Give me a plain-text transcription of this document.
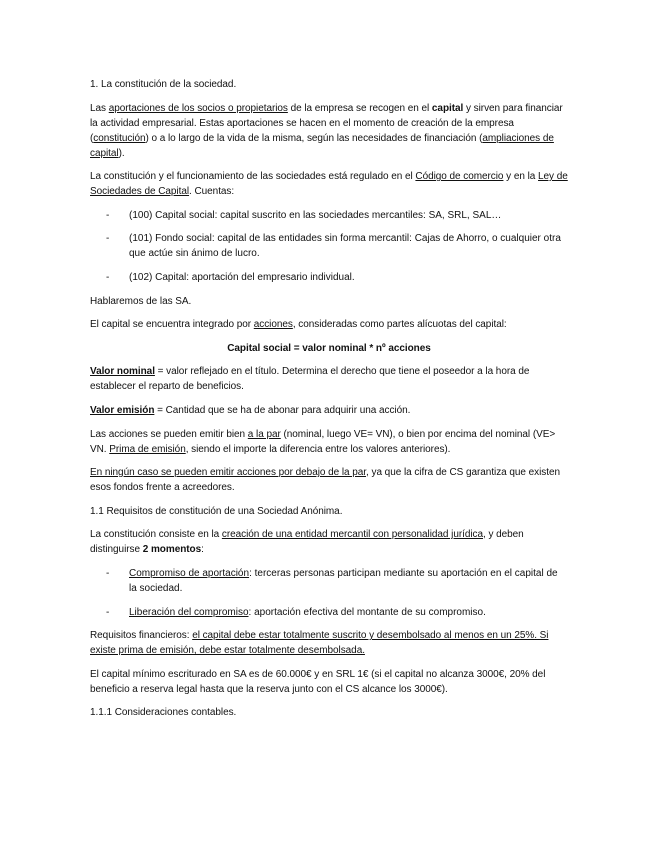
1. La constitución de la sociedad.

Las aportaciones de los socios o propietarios de la empresa se recogen en el capital y sirven para financiar la actividad empresarial. Estas aportaciones se hacen en el momento de creación de la empresa (constitución) o a lo largo de la vida de la misma, según las necesidades de financiación (ampliaciones de capital).

La constitución y el funcionamiento de las sociedades está regulado en el Código de comercio y en la Ley de Sociedades de Capital. Cuentas:

- (100) Capital social: capital suscrito en las sociedades mercantiles: SA, SRL, SAL…
- (101) Fondo social: capital de las entidades sin forma mercantil: Cajas de Ahorro, o cualquier otra que actúe sin ánimo de lucro.
- (102) Capital: aportación del empresario individual.

Hablaremos de las SA.

El capital se encuentra integrado por acciones, consideradas como partes alícuotas del capital:

Capital social = valor nominal * nº acciones

Valor nominal = valor reflejado en el título. Determina el derecho que tiene el poseedor a la hora de establecer el reparto de beneficios.

Valor emisión = Cantidad que se ha de abonar para adquirir una acción.

Las acciones se pueden emitir bien a la par (nominal, luego VE= VN), o bien por encima del nominal (VE> VN. Prima de emisión, siendo el importe la diferencia entre los valores anteriores).

En ningún caso se pueden emitir acciones por debajo de la par, ya que la cifra de CS garantiza que existen esos fondos frente a acreedores.

1.1 Requisitos de constitución de una Sociedad Anónima.

La constitución consiste en la creación de una entidad mercantil con personalidad jurídica, y deben distinguirse 2 momentos:

- Compromiso de aportación: terceras personas participan mediante su aportación en el capital de la sociedad.
- Liberación del compromiso: aportación efectiva del montante de su compromiso.

Requisitos financieros: el capital debe estar totalmente suscrito y desembolsado al menos en un 25%. Si existe prima de emisión, debe estar totalmente desembolsada.

El capital mínimo escriturado en SA es de 60.000€ y en SRL 1€ (si el capital no alcanza 3000€, 20% del beneficio a reserva legal hasta que la reserva junto con el CS alcance los 3000€).

1.1.1 Consideraciones contables.
